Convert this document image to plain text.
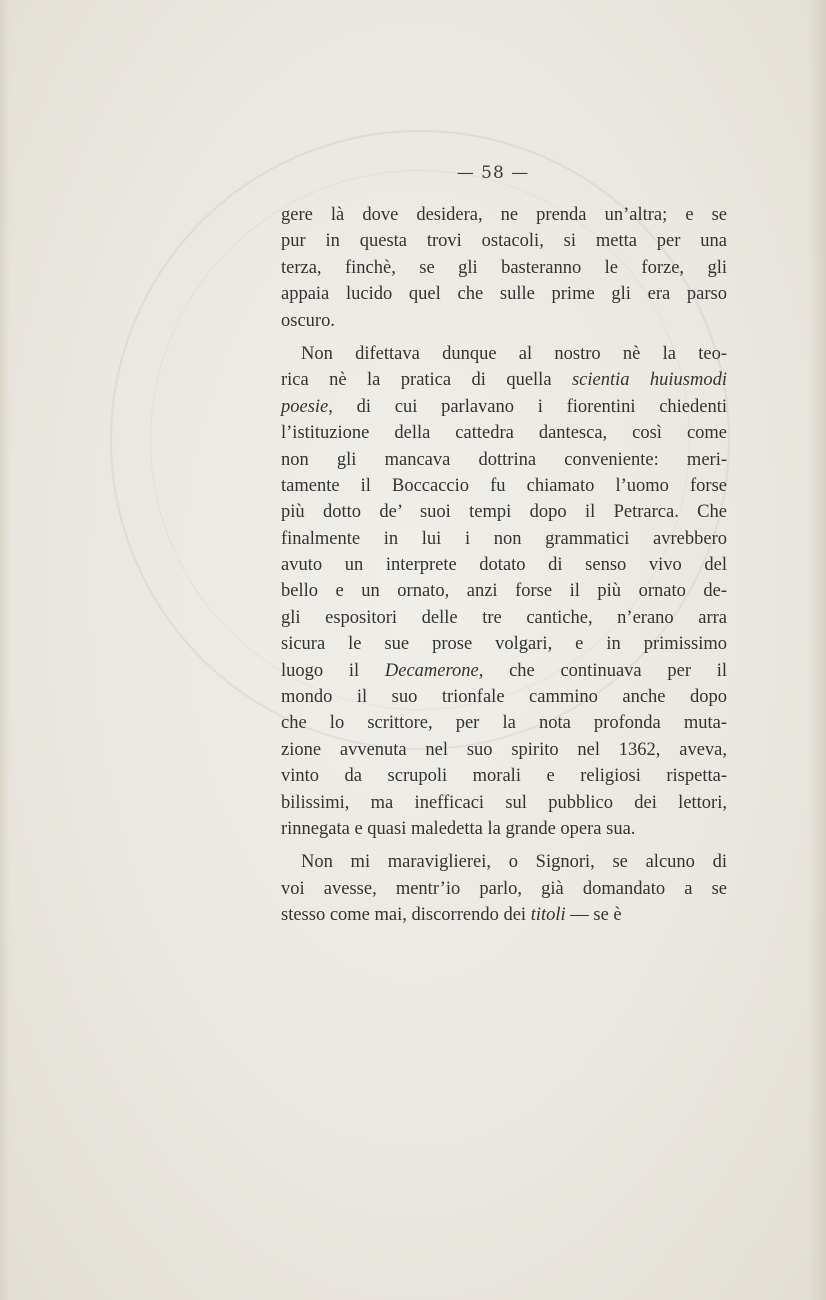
— 58 —
gere là dove desidera, ne prenda un’altra; e se
pur in questa trovi ostacoli, si metta per una
terza, finchè, se gli basteranno le forze, gli
appaia lucido quel che sulle prime gli era parso
oscuro.
Non difettava dunque al nostro nè la teo-
rica nè la pratica di quella scientia huiusmodi
poesie, di cui parlavano i fiorentini chiedenti
l’istituzione della cattedra dantesca, così come
non gli mancava dottrina conveniente: meri-
tamente il Boccaccio fu chiamato l’uomo forse
più dotto de’ suoi tempi dopo il Petrarca. Che
finalmente in lui i non grammatici avrebbero
avuto un interprete dotato di senso vivo del
bello e un ornato, anzi forse il più ornato de-
gli espositori delle tre cantiche, n’erano arra
sicura le sue prose volgari, e in primissimo
luogo il Decamerone, che continuava per il
mondo il suo trionfale cammino anche dopo
che lo scrittore, per la nota profonda muta-
zione avvenuta nel suo spirito nel 1362, aveva,
vinto da scrupoli morali e religiosi rispetta-
bilissimi, ma inefficaci sul pubblico dei lettori,
rinnegata e quasi maledetta la grande opera sua.
Non mi maraviglierei, o Signori, se alcuno di
voi avesse, mentr’io parlo, già domandato a se
stesso come mai, discorrendo dei titoli — se è
